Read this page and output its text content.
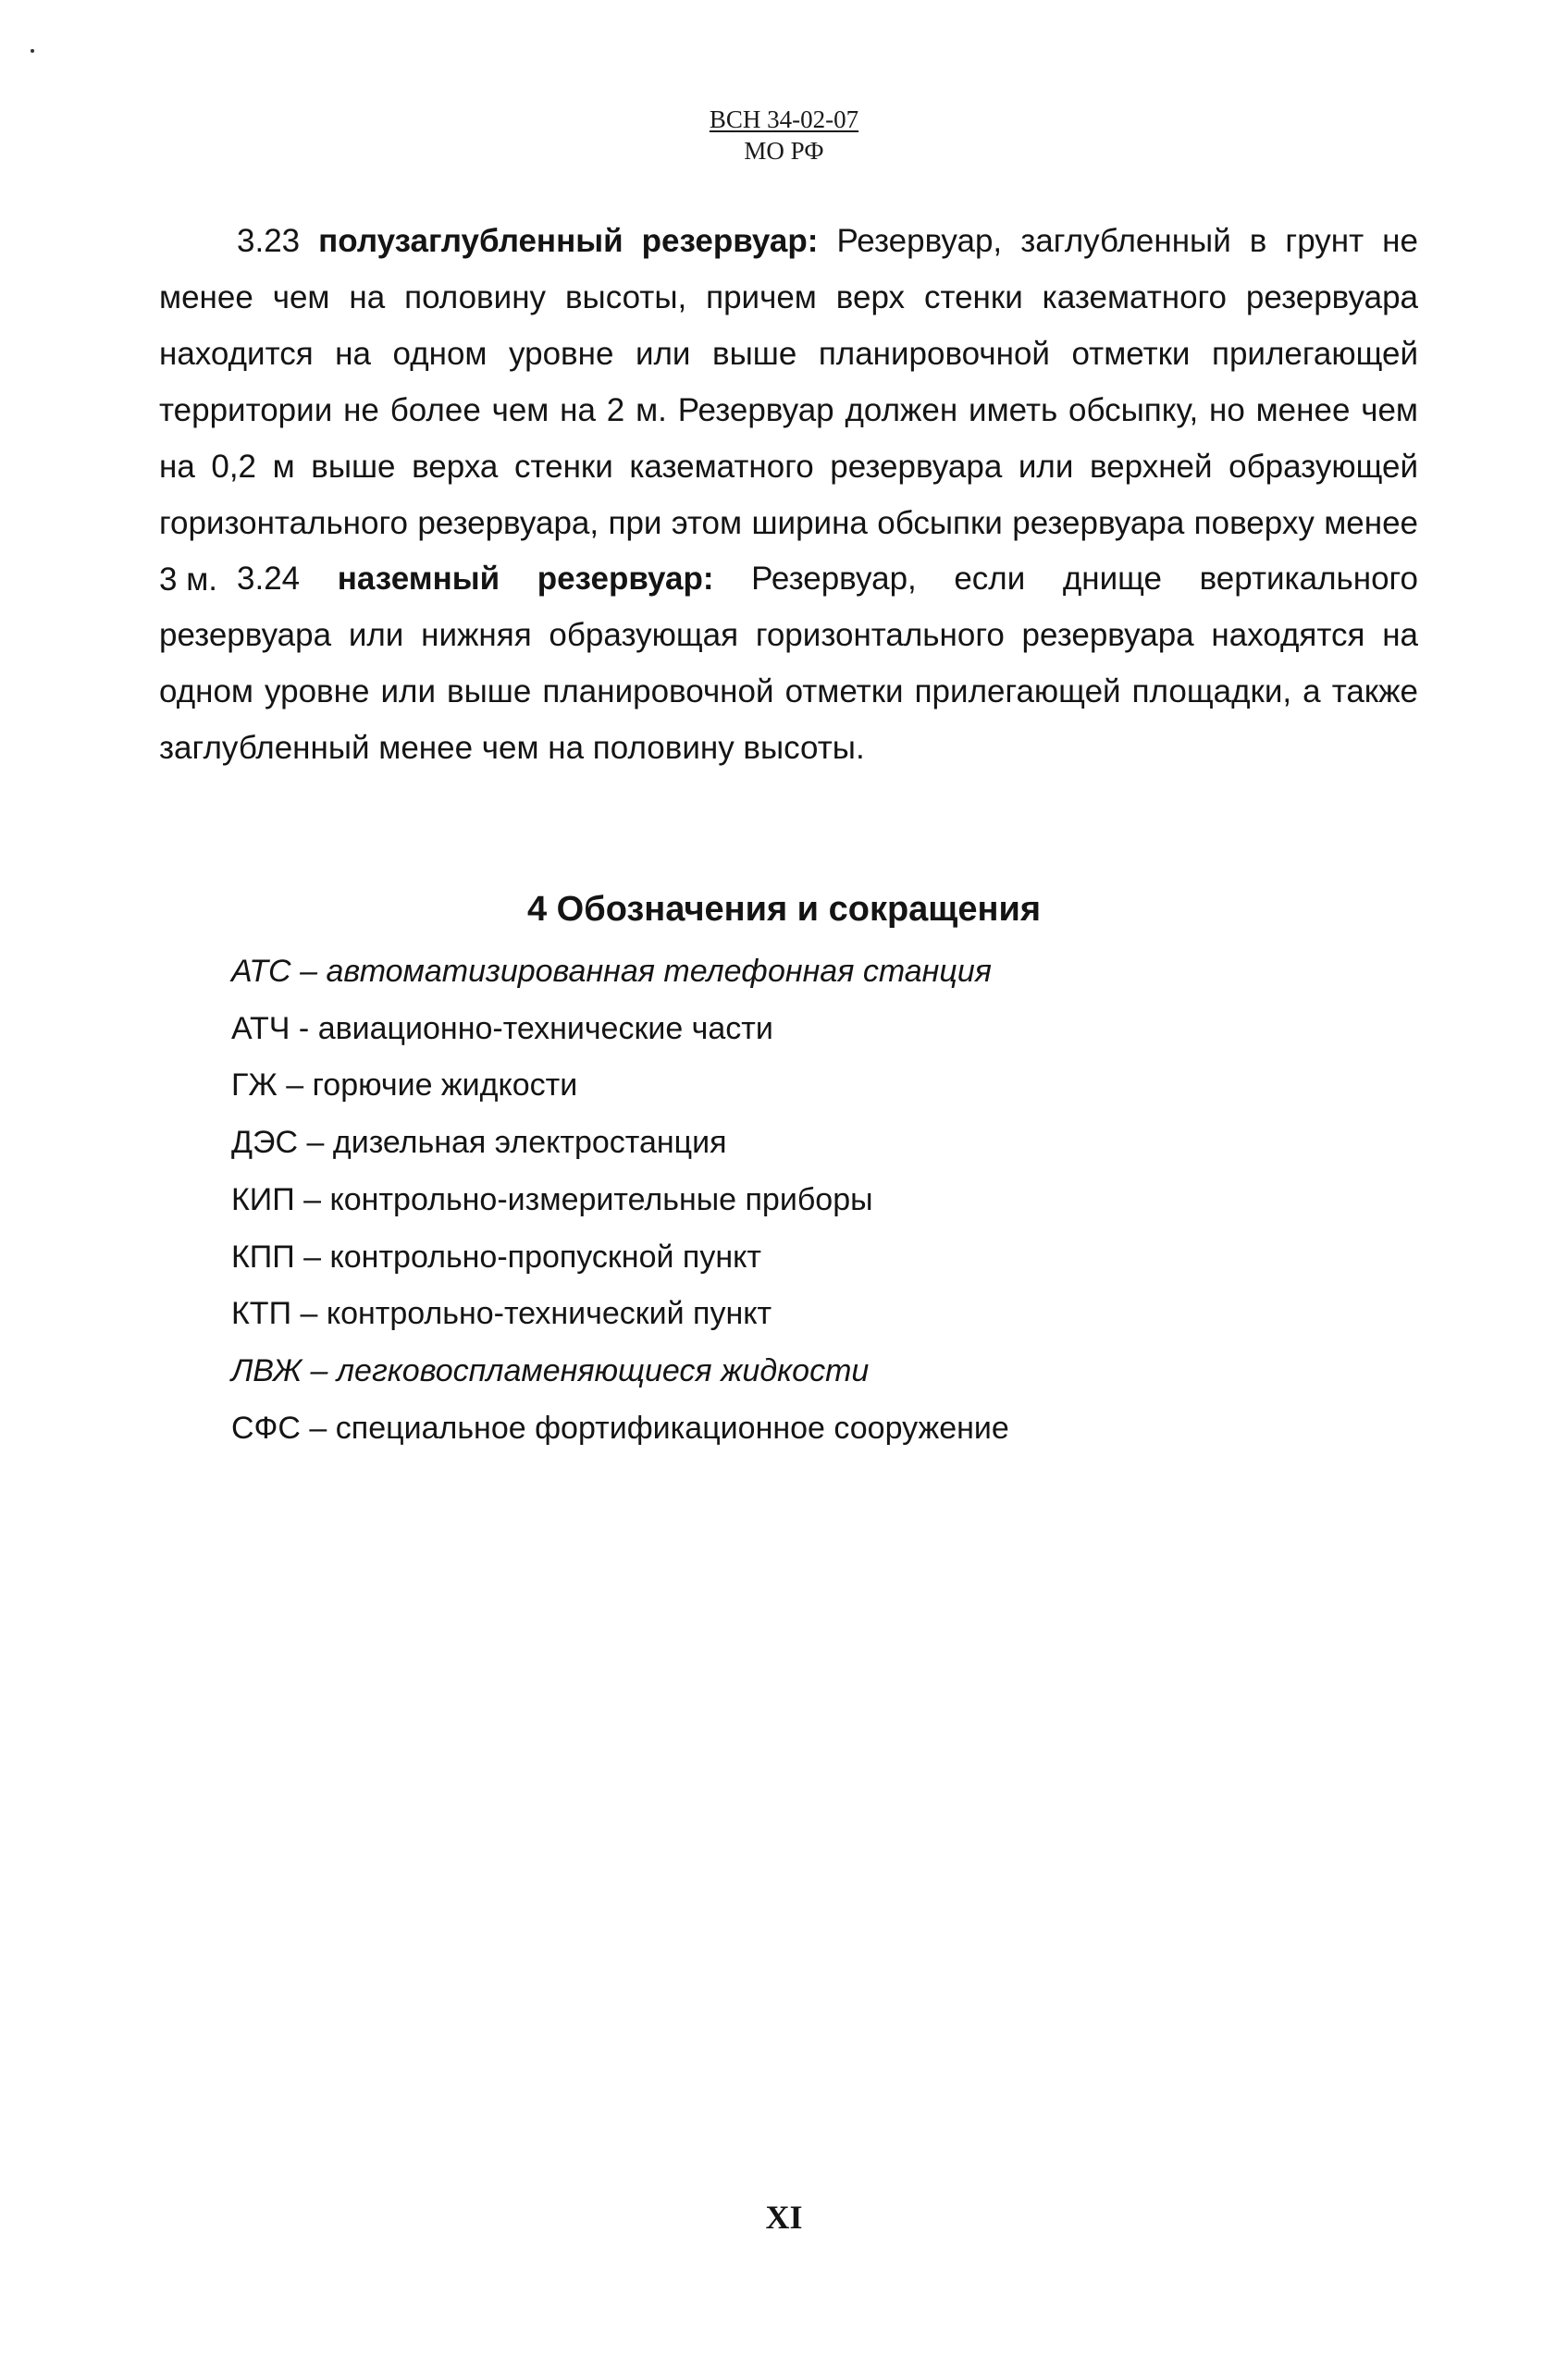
ВСН 34-02-07
МО РФ

3.23 полузаглубленный резервуар: Резервуар, заглубленный в грунт не менее чем на половину высоты, причем верх стенки казематного резервуара находится на одном уровне или выше планировочной отметки прилегающей территории не более чем на 2 м. Резервуар должен иметь обсыпку, но менее чем на 0,2 м выше верха стенки казематного резервуара или верхней образующей горизонтального резервуара, при этом ширина обсыпки резервуара поверху менее 3 м. 3.24 наземный резервуар: Резервуар, если днище вертикального резервуара или нижняя образующая горизонтального резервуара находятся на одном уровне или выше планировочной отметки прилегающей площадки, а также заглубленный менее чем на половину высоты.

4 Обозначения и сокращения
АТС – автоматизированная телефонная станция
АТЧ - авиационно-технические части
ГЖ – горючие жидкости
ДЭС – дизельная электростанция
КИП – контрольно-измерительные приборы
КПП – контрольно-пропускной пункт
КТП – контрольно-технический пункт
ЛВЖ – легковоспламеняющиеся жидкости
СФС – специальное фортификационное сооружение
XI
